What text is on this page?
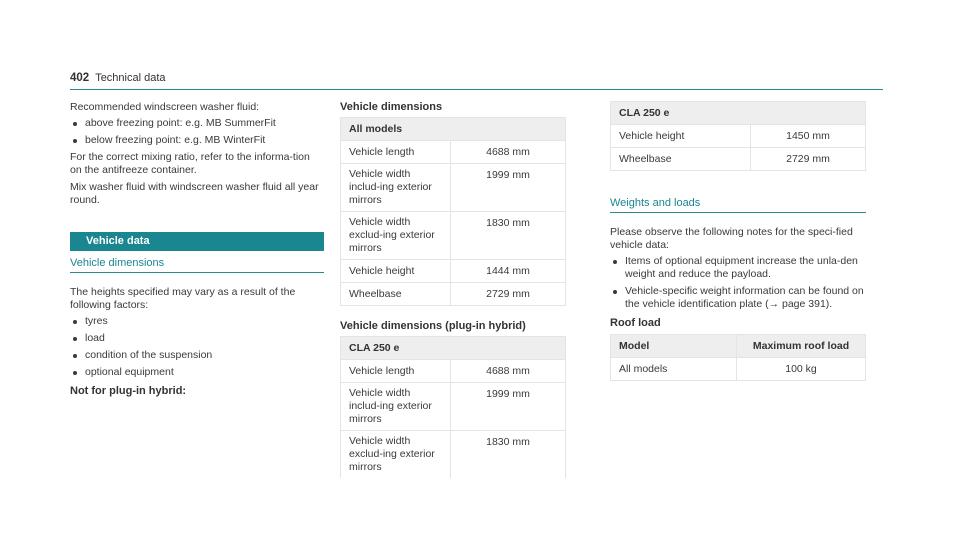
402 Technical data

Recommended windscreen washer fluid:

above freezing point: e.g. MB SummerFit
below freezing point: e.g. MB WinterFit

For the correct mixing ratio, refer to the informa-tion on the antifreeze container.

Mix washer fluid with windscreen washer fluid all year round.

Vehicle data
Vehicle dimensions

The heights specified may vary as a result of the following factors:

tyres
load
condition of the suspension
optional equipment

Not for plug-in hybrid:

Vehicle dimensions

All models	
Vehicle length	4688 mm
Vehicle width includ-ing exterior mirrors	1999 mm
Vehicle width exclud-ing exterior mirrors	1830 mm
Vehicle height	1444 mm
Wheelbase	2729 mm

Vehicle dimensions (plug-in hybrid)

CLA 250 e	
Vehicle length	4688 mm
Vehicle width includ-ing exterior mirrors	1999 mm
Vehicle width exclud-ing exterior mirrors	1830 mm
CLA 250 e	
Vehicle height	1450 mm
Wheelbase	2729 mm
Weights and loads

Please observe the following notes for the speci-fied vehicle data:

Items of optional equipment increase the unla-den weight and reduce the payload.
Vehicle-specific weight information can be found on the vehicle identification plate (→ page 391).

Roof load

Model	Maximum roof load
All models	100 kg
